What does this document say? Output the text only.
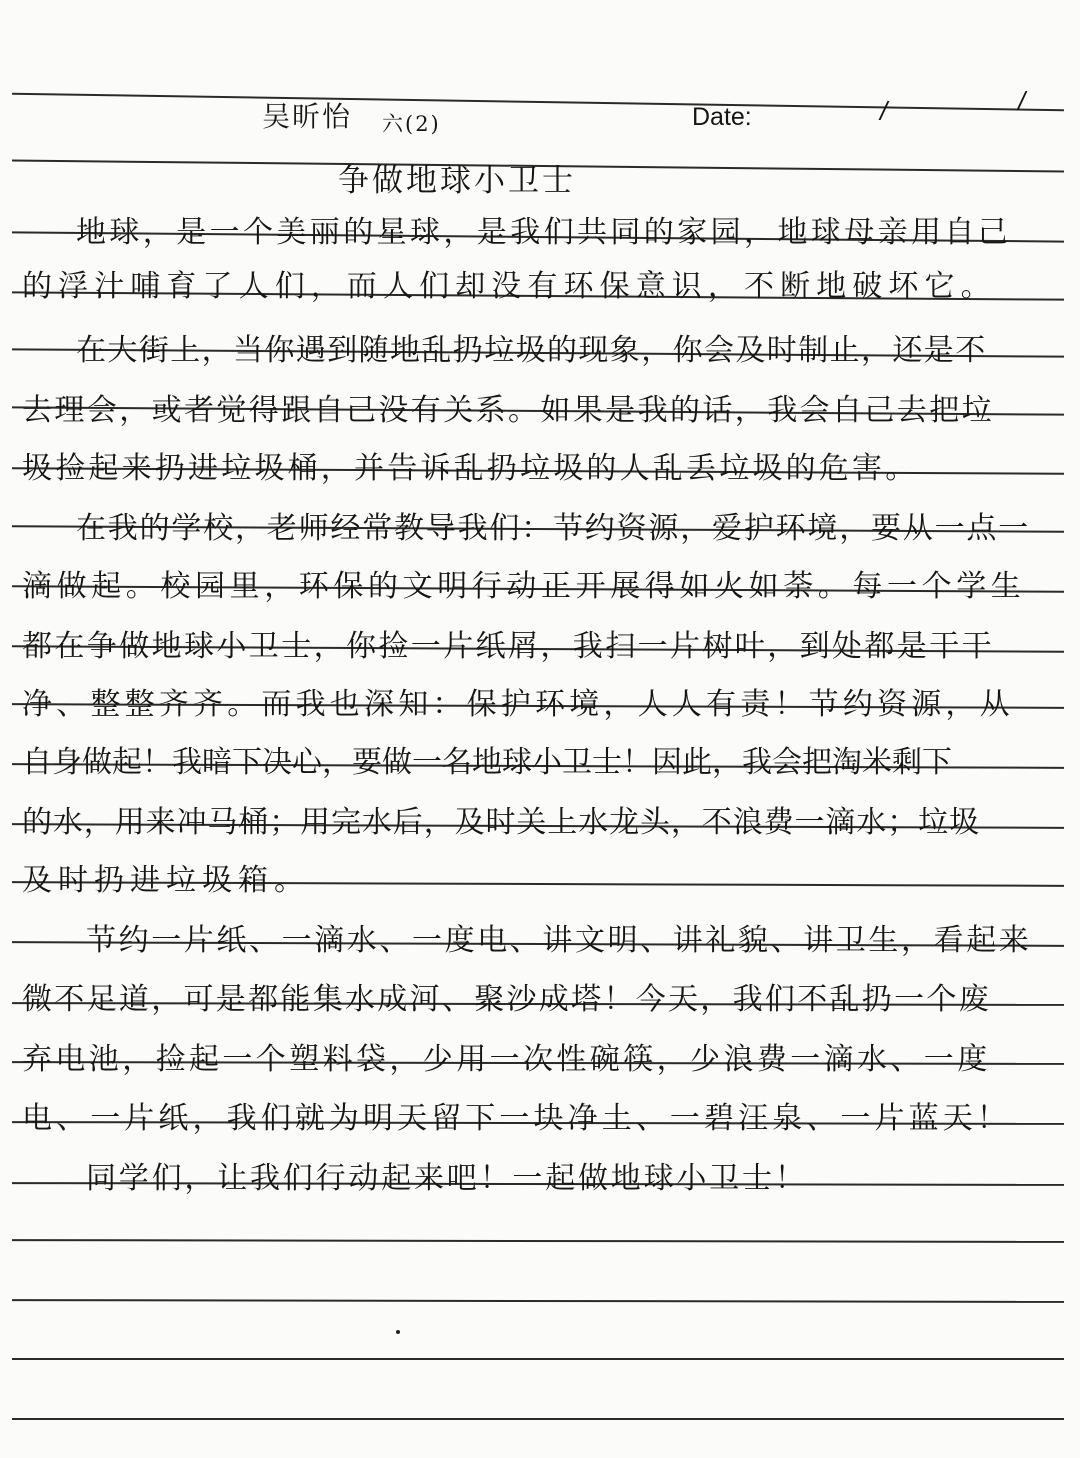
吴昕怡 六(2)	Date:	/	/
争做地球小卫士
地球，是一个美丽的星球，是我们共同的家园，地球母亲用自己
的浮汁哺育了人们，而人们却没有环保意识，不断地破坏它。
在大街上，当你遇到随地乱扔垃圾的现象，你会及时制止，还是不
去理会，或者觉得跟自己没有关系。如果是我的话，我会自己去把垃
圾捡起来扔进垃圾桶，并告诉乱扔垃圾的人乱丢垃圾的危害。
在我的学校，老师经常教导我们：节约资源，爱护环境，要从一点一
滴做起。校园里，环保的文明行动正开展得如火如荼。每一个学生
都在争做地球小卫士，你捡一片纸屑，我扫一片树叶，到处都是干干
净、整整齐齐。而我也深知：保护环境，人人有责！节约资源，从
自身做起！我暗下决心，要做一名地球小卫士！因此，我会把淘米剩下
的水，用来冲马桶；用完水后，及时关上水龙头，不浪费一滴水；垃圾
及时扔进垃圾箱。
节约一片纸、一滴水、一度电、讲文明、讲礼貌、讲卫生，看起来
微不足道，可是都能集水成河、聚沙成塔！今天，我们不乱扔一个废
弃电池，捡起一个塑料袋，少用一次性碗筷，少浪费一滴水、一度
电、一片纸，我们就为明天留下一块净土、一碧汪泉、一片蓝天！
同学们，让我们行动起来吧！一起做地球小卫士！
